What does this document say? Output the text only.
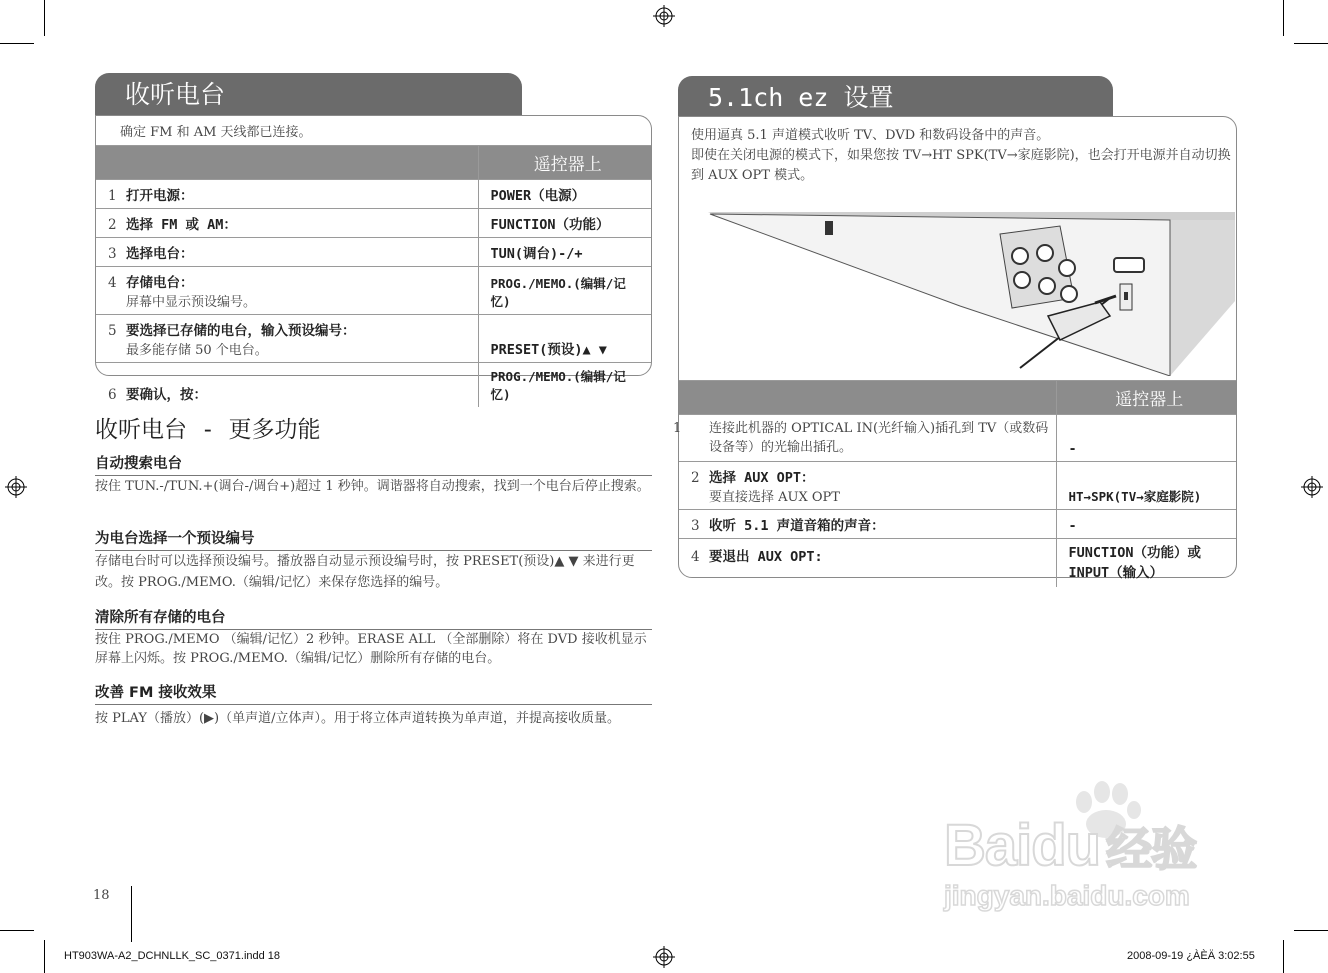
收听电台
确定 FM 和 AM 天线都已连接。
	遥控器上
1 打开电源：	POWER（电源）
2 选择 FM 或 AM：	FUNCTION（功能）
3 选择电台：	TUN(调台)-/+
4 存储电台：
屏幕中显示预设编号。	PROG./MEMO.(编辑/记忆)
5 要选择已存储的电台，输入预设编号：
最多能存储 50 个电台。	PRESET(预设)▲ ▼
6 要确认，按：	PROG./MEMO.(编辑/记忆)
收听电台 - 更多功能
自动搜索电台
按住 TUN.-/TUN.+(调台-/调台+)超过 1 秒钟。调谐器将自动搜索，找到一个电台后停止搜索。
为电台选择一个预设编号
存储电台时可以选择预设编号。播放器自动显示预设编号时，按 PRESET(预设)▲ ▼ 来进行更改。按 PROG./MEMO.（编辑/记忆）来保存您选择的编号。
清除所有存储的电台
按住 PROG./MEMO （编辑/记忆）2 秒钟。ERASE ALL （全部删除）将在 DVD 接收机显示屏幕上闪烁。按 PROG./MEMO.（编辑/记忆）删除所有存储的电台。
改善 FM 接收效果
按 PLAY（播放）(▶)（单声道/立体声）。用于将立体声道转换为单声道，并提高接收质量。
5.1ch ez 设置
使用逼真 5.1 声道模式收听 TV、DVD 和数码设备中的声音。
即使在关闭电源的模式下，如果您按 TV→HT SPK(TV→家庭影院)，也会打开电源并自动切换到 AUX OPT 模式。
	遥控器上
1 连接此机器的 OPTICAL IN(光纤输入)插孔到 TV（或数码设备等）的光输出插孔。	-
2 选择 AUX OPT：
要直接选择 AUX OPT	HT→SPK(TV→家庭影院)
3 收听 5.1 声道音箱的声音：	-
4 要退出 AUX OPT:	FUNCTION（功能）或 INPUT（输入）
18
Baidu 经验
jingyan.baidu.com
HT903WA-A2_DCHNLLK_SC_0371.indd 18	2008-09-19 ¿ÀÈÄ 3:02:55
